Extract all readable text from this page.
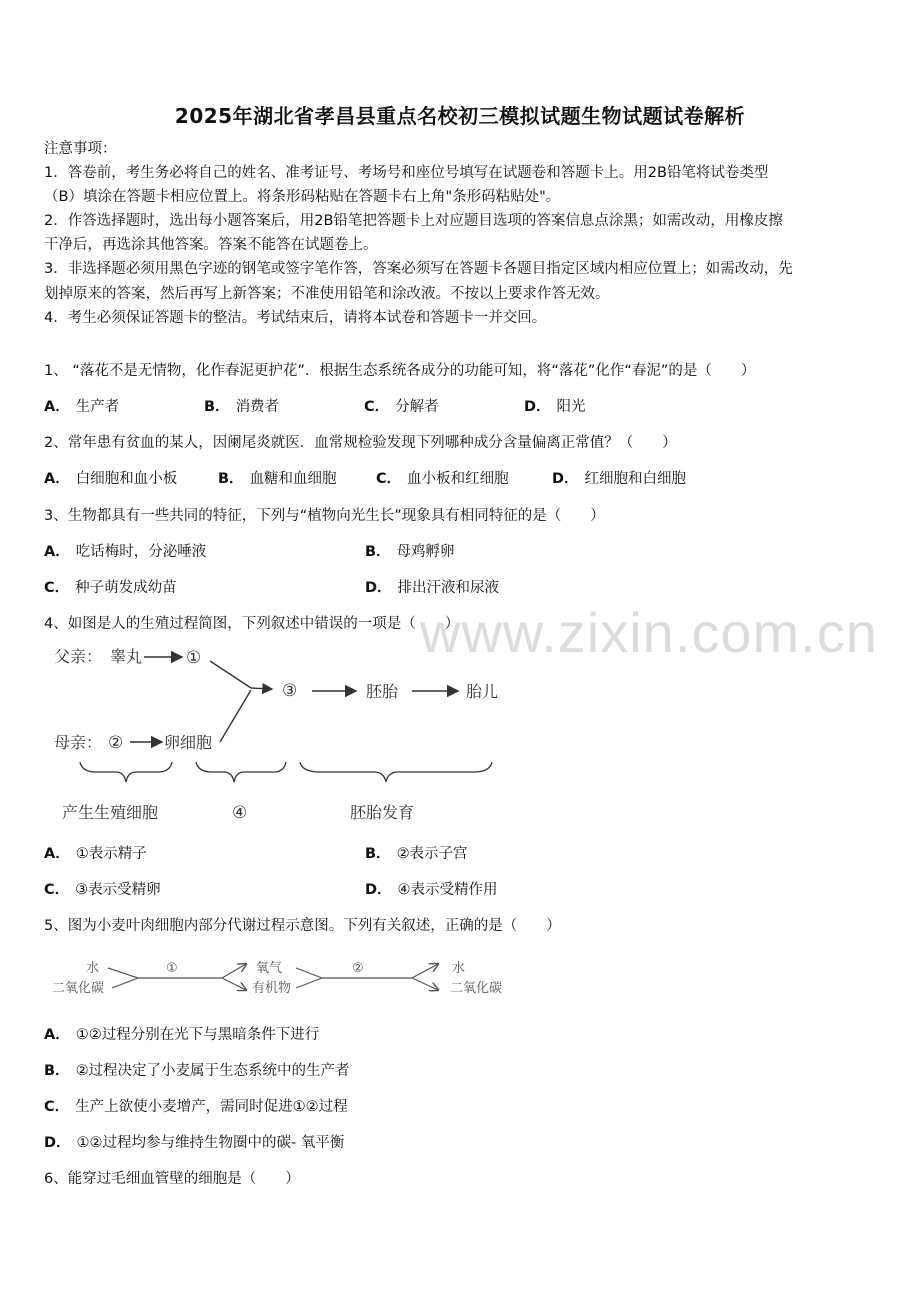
2025年湖北省孝昌县重点名校初三模拟试题生物试题试卷解析
注意事项：
1．答卷前，考生务必将自己的姓名、准考证号、考场号和座位号填写在试题卷和答题卡上。用2B铅笔将试卷类型
（B）填涂在答题卡相应位置上。将条形码粘贴在答题卡右上角"条形码粘贴处"。
2．作答选择题时，选出每小题答案后，用2B铅笔把答题卡上对应题目选项的答案信息点涂黑；如需改动，用橡皮擦
干净后，再选涂其他答案。答案不能答在试题卷上。
3．非选择题必须用黑色字迹的钢笔或签字笔作答，答案必须写在答题卡各题目指定区域内相应位置上；如需改动，先
划掉原来的答案，然后再写上新答案；不准使用铅笔和涂改液。不按以上要求作答无效。
4．考生必须保证答题卡的整洁。考试结束后，请将本试卷和答题卡一并交回。
1、 “落花不是无情物，化作春泥更护花”．根据生态系统各成分的功能可知，将“落花”化作“春泥”的是（　　）
A． 生产者	B． 消费者	C． 分解者	D． 阳光
2、常年患有贫血的某人，因阑尾炎就医．血常规检验发现下列哪种成分含量偏离正常值？（　　）
A． 白细胞和血小板	B． 血糖和血细胞	C． 血小板和红细胞	D． 红细胞和白细胞
3、生物都具有一些共同的特征，下列与“植物向光生长”现象具有相同特征的是（　　）
A． 吃话梅时，分泌唾液	B． 母鸡孵卵
C． 种子萌发成幼苗	D． 排出汗液和尿液
www.zixin.com.cn
4、如图是人的生殖过程简图，下列叙述中错误的一项是（　　）
父亲： 睾丸	①
③	胚胎	胎儿
母亲： ②	卵细胞
产生生殖细胞	④	胚胎发育
A． ①表示精子	B． ②表示子宫
C． ③表示受精卵	D． ④表示受精作用
5、图为小麦叶肉细胞内部分代谢过程示意图。下列有关叙述，正确的是（　　）
水
二氧化碳
①	氧气
有机物
②	水
二氧化碳
A． ①②过程分别在光下与黑暗条件下进行
B． ②过程决定了小麦属于生态系统中的生产者
C． 生产上欲使小麦增产，需同时促进①②过程
D． ①②过程均参与维持生物圈中的碳- 氧平衡
6、能穿过毛细血管壁的细胞是（　　）
